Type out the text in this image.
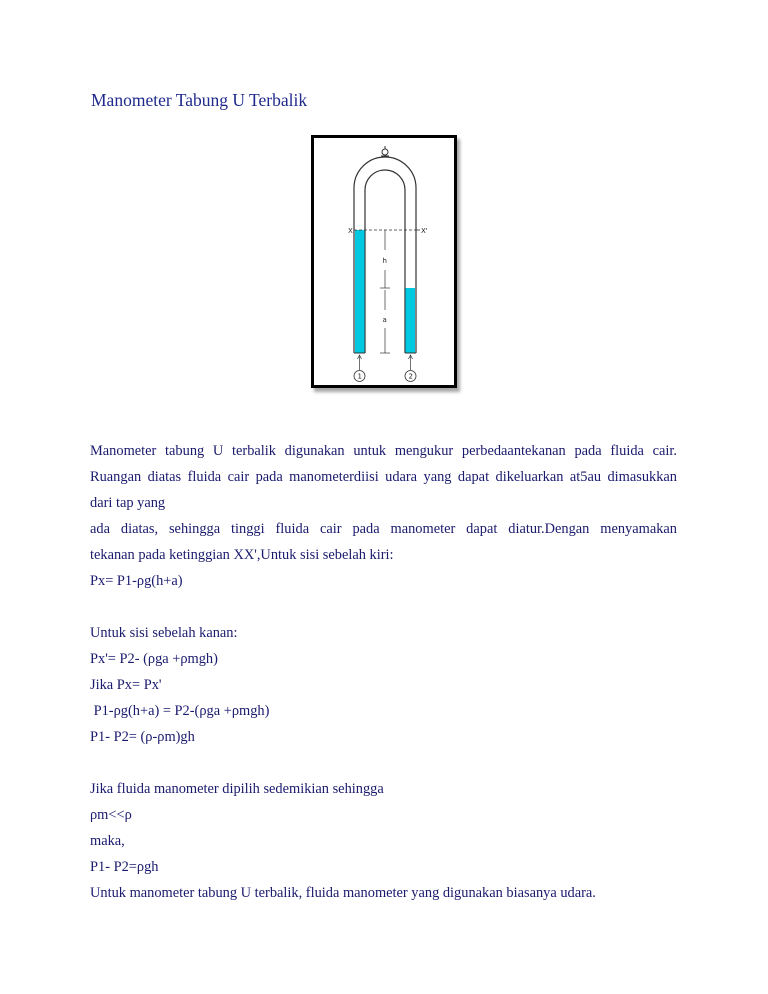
Manometer Tabung U Terbalik
X	X'
h
a
1	2
Manometer tabung U terbalik digunakan untuk mengukur perbedaantekanan pada fluida cair.
Ruangan diatas fluida cair pada manometerdiisi udara yang dapat dikeluarkan at5au dimasukkan
dari tap yang
ada diatas, sehingga tinggi fluida cair pada manometer dapat diatur.Dengan menyamakan
tekanan pada ketinggian XX',Untuk sisi sebelah kiri:
Px= P1-ρg(h+a)
Untuk sisi sebelah kanan:
Px'= P2- (ρga +ρmgh)
Jika Px= Px'
P1-ρg(h+a) = P2-(ρga +ρmgh)
P1- P2= (ρ-ρm)gh
Jika fluida manometer dipilih sedemikian sehingga
ρm<<ρ
maka,
P1- P2=ρgh
Untuk manometer tabung U terbalik, fluida manometer yang digunakan biasanya udara.
